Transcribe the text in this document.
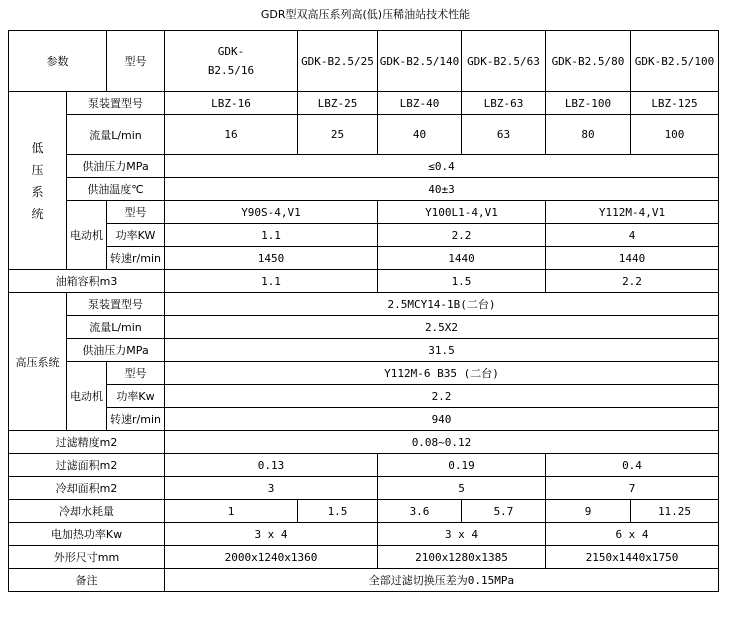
GDR型双高压系列高(低)压稀油站技术性能
参数		型号	GDK-B2.5/16	GDK-B2.5/25	GDK-B2.5/140	GDK-B2.5/63	GDK-B2.5/80	GDK-B2.5/100
低压系统	泵装置型号		LBZ-16	LBZ-25	LBZ-40	LBZ-63	LBZ-100	LBZ-125
	流量L/min		16	25	40	63	80	100
	供油压力MPa		≤0.4					
	供油温度℃		40±3					
	电动机	型号	Y90S-4,V1		Y100L1-4,V1		Y112M-4,V1	
		功率KW	1.1		2.2		4	
		转速r/min	1450		1440		1440	

油箱容积m3			1.1		1.5		2.2	
高压系统	泵装置型号		2.5MCY14-1B(二台)					
	流量L/min		2.5X2					
	供油压力MPa		31.5					
	电动机	型号	Y112M-6 B35 (二台)					
		功率Kw	2.2					
		转速r/min	940					
过滤精度m2			0.08~0.12					
过滤面积m2			0.13		0.19		0.4	
冷却面积m2			3		5		7	
冷却水耗量			1	1.5	3.6	5.7	9	11.25
电加热功率Kw			3 x 4		3 x 4		6 x 4	
外形尺寸mm			2000x1240x1360		2100x1280x1385		2150x1440x1750	
备注			全部过滤切换压差为0.15MPa					
